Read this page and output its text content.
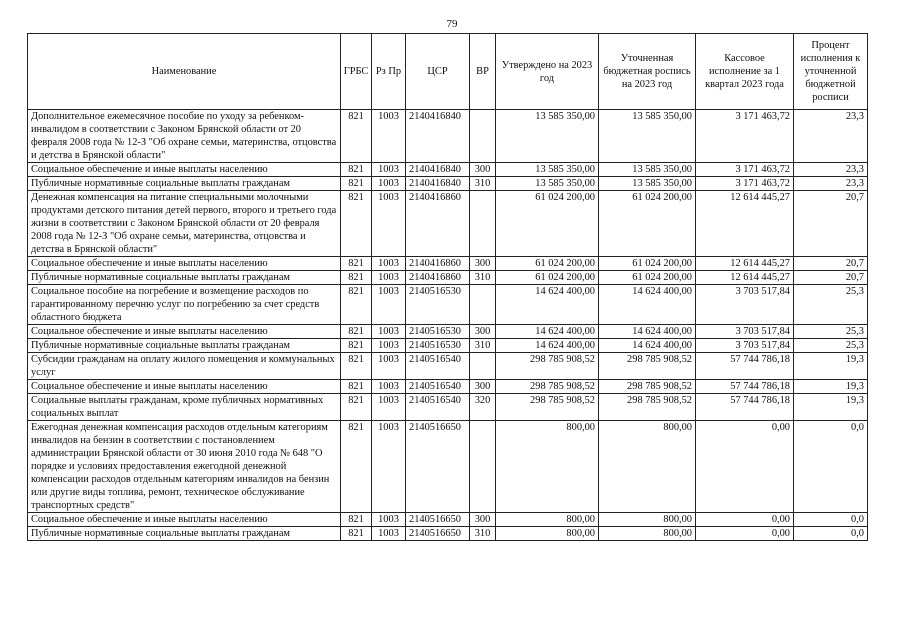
79
Наименование	ГРБС	Рз Пр	ЦСР	ВР	Утверждено на 2023 год	Уточненная бюджетная роспись на 2023 год	Кассовое исполнение за 1 квартал 2023 года	Процент исполнения к уточненной бюджетной росписи
Дополнительное ежемесячное пособие по уходу за ребенком-инвалидом в соответствии с Законом Брянской области от 20 февраля 2008 года № 12-З "Об охране семьи, материнства, отцовства и детства в Брянской области"	821	1003	2140416840		13 585 350,00	13 585 350,00	3 171 463,72	23,3
Социальное обеспечение и иные выплаты населению	821	1003	2140416840	300	13 585 350,00	13 585 350,00	3 171 463,72	23,3
Публичные нормативные социальные выплаты гражданам	821	1003	2140416840	310	13 585 350,00	13 585 350,00	3 171 463,72	23,3
Денежная компенсация на питание специальными молочными продуктами детского питания детей первого, второго и третьего года жизни в соответствии с Законом Брянской области от 20 февраля 2008 года № 12-З "Об охране семьи, материнства, отцовства и детства в Брянской области"	821	1003	2140416860		61 024 200,00	61 024 200,00	12 614 445,27	20,7
Социальное обеспечение и иные выплаты населению	821	1003	2140416860	300	61 024 200,00	61 024 200,00	12 614 445,27	20,7
Публичные нормативные социальные выплаты гражданам	821	1003	2140416860	310	61 024 200,00	61 024 200,00	12 614 445,27	20,7
Социальное пособие на погребение и возмещение расходов по гарантированному перечню услуг по погребению за счет средств областного бюджета	821	1003	2140516530		14 624 400,00	14 624 400,00	3 703 517,84	25,3
Социальное обеспечение и иные выплаты населению	821	1003	2140516530	300	14 624 400,00	14 624 400,00	3 703 517,84	25,3
Публичные нормативные социальные выплаты гражданам	821	1003	2140516530	310	14 624 400,00	14 624 400,00	3 703 517,84	25,3
Субсидии гражданам на оплату жилого помещения и коммунальных услуг	821	1003	2140516540		298 785 908,52	298 785 908,52	57 744 786,18	19,3
Социальное обеспечение и иные выплаты населению	821	1003	2140516540	300	298 785 908,52	298 785 908,52	57 744 786,18	19,3
Социальные выплаты гражданам, кроме публичных нормативных социальных выплат	821	1003	2140516540	320	298 785 908,52	298 785 908,52	57 744 786,18	19,3
Ежегодная денежная компенсация расходов отдельным категориям инвалидов на бензин в соответствии с постановлением администрации Брянской области от 30 июня 2010 года № 648 "О порядке и условиях предоставления ежегодной денежной компенсации расходов отдельным категориям инвалидов на бензин или другие виды топлива, ремонт, техническое обслуживание транспортных средств"	821	1003	2140516650		800,00	800,00	0,00	0,0
Социальное обеспечение и иные выплаты населению	821	1003	2140516650	300	800,00	800,00	0,00	0,0
Публичные нормативные социальные выплаты гражданам	821	1003	2140516650	310	800,00	800,00	0,00	0,0
